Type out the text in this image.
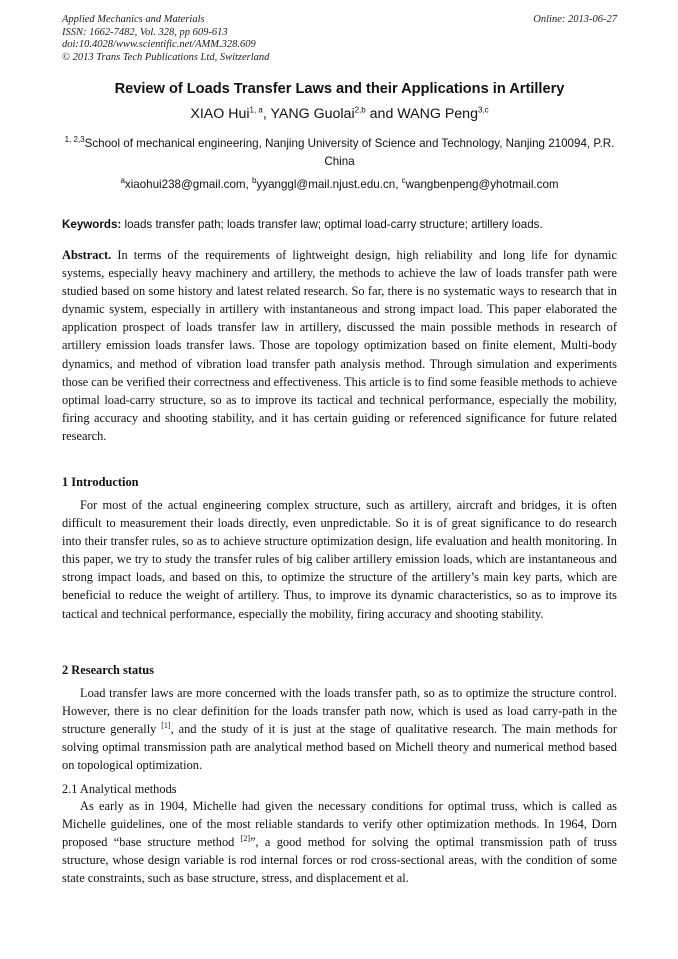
Applied Mechanics and Materials
ISSN: 1662-7482, Vol. 328, pp 609-613
doi:10.4028/www.scientific.net/AMM.328.609
© 2013 Trans Tech Publications Ltd, Switzerland
Online: 2013-06-27
Review of Loads Transfer Laws and their Applications in Artillery
XIAO Hui$^{1, a}$, YANG Guolai$^{2,b}$ and WANG Peng$^{3,c}$
$^{1, 2,3}$School of mechanical engineering, Nanjing University of Science and Technology, Nanjing 210094, P.R. China
$^a$xiaohui238@gmail.com, $^b$yyanggl@mail.njust.edu.cn, $^c$wangbenpeng@yhotmail.com
Keywords: loads transfer path; loads transfer law; optimal load-carry structure; artillery loads.
Abstract. In terms of the requirements of lightweight design, high reliability and long life for dynamic systems, especially heavy machinery and artillery, the methods to achieve the law of loads transfer path were studied based on some history and latest related research. So far, there is no systematic ways to research that in dynamic system, especially in artillery with instantaneous and strong impact load. This paper elaborated the application prospect of loads transfer law in artillery, discussed the main possible methods in research of artillery emission loads transfer laws. Those are topology optimization based on finite element, Multi-body dynamics, and method of vibration load transfer path analysis method. Through simulation and experiments those can be verified their correctness and effectiveness. This article is to find some feasible methods to achieve optimal load-carry structure, so as to improve its tactical and technical performance, especially the mobility, firing accuracy and shooting stability, and it has certain guiding or referenced significance for future related research.
1 Introduction
For most of the actual engineering complex structure, such as artillery, aircraft and bridges, it is often difficult to measurement their loads directly, even unpredictable. So it is of great significance to do research into their transfer rules, so as to achieve structure optimization design, life evaluation and health monitoring. In this paper, we try to study the transfer rules of big caliber artillery emission loads, which are instantaneous and strong impact loads, and based on this, to optimize the structure of the artillery’s main key parts, which are beneficial to reduce the weight of artillery. Thus, to improve its dynamic characteristics, so as to improve its tactical and technical performance, especially the mobility, firing accuracy and shooting stability.
2 Research status
Load transfer laws are more concerned with the loads transfer path, so as to optimize the structure control. However, there is no clear definition for the loads transfer path now, which is used as load carry-path in the structure generally [1], and the study of it is just at the stage of qualitative research. The main methods for solving optimal transmission path are analytical method based on Michell theory and numerical method based on topological optimization.
2.1 Analytical methods
As early as in 1904, Michelle had given the necessary conditions for optimal truss, which is called as Michelle guidelines, one of the most reliable standards to verify other optimization methods. In 1964, Dorn proposed “base structure method [2]”, a good method for solving the optimal transmission path of truss structure, whose design variable is rod internal forces or rod cross-sectional areas, with the condition of some state constraints, such as base structure, stress, and displacement et al.
